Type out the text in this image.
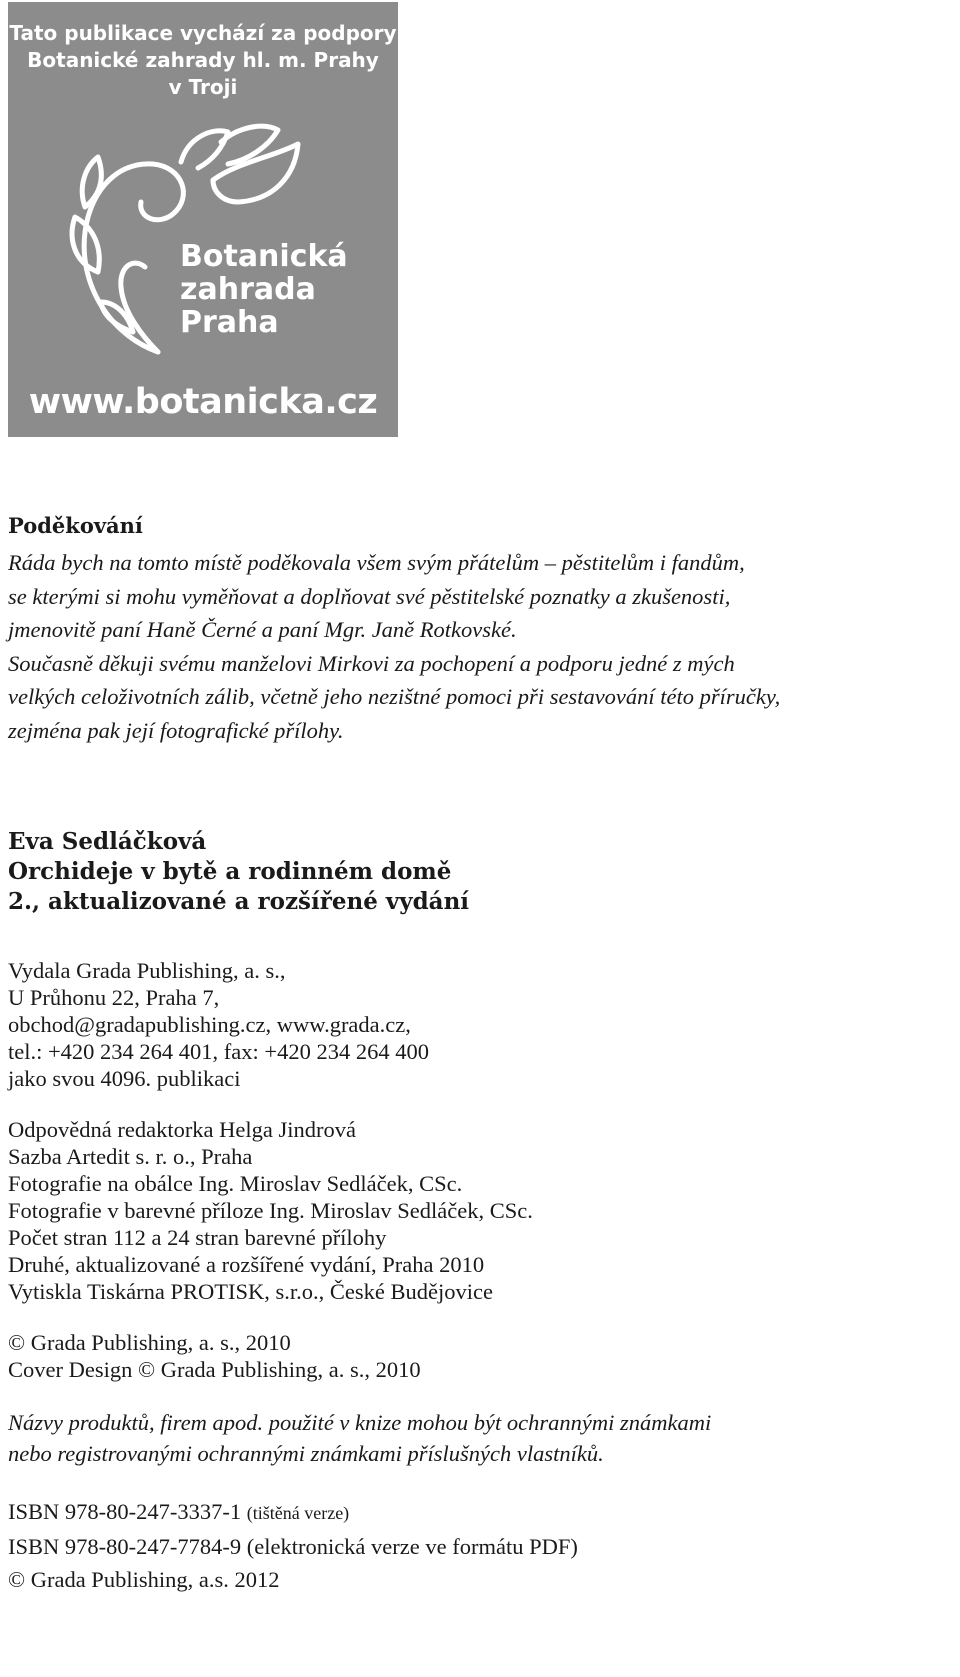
Tato publikace vychází za podpory
Botanické zahrady hl. m. Prahy
v Troji
Botanická
zahrada
Praha
www.botanicka.cz
Poděkování

Ráda bych na tomto místě poděkovala všem svým přátelům – pěstitelům i fandům,

se kterými si mohu vyměňovat a doplňovat své pěstitelské poznatky a zkušenosti,

jmenovitě paní Haně Černé a paní Mgr. Janě Rotkovské.

Současně děkuji svému manželovi Mirkovi za pochopení a podporu jedné z mých

velkých celoživotních zálib, včetně jeho nezištné pomoci při sestavování této příručky,

zejména pak její fotografické přílohy.

Eva Sedláčková
Orchideje v bytě a rodinném domě
2., aktualizované a rozšířené vydání
Vydala Grada Publishing, a. s.,
U Průhonu 22, Praha 7,
obchod@gradapublishing.cz, www.grada.cz,
tel.: +420 234 264 401, fax: +420 234 264 400
jako svou 4096. publikaci
Odpovědná redaktorka Helga Jindrová
Sazba Artedit s. r. o., Praha
Fotografie na obálce Ing. Miroslav Sedláček, CSc.
Fotografie v barevné příloze Ing. Miroslav Sedláček, CSc.
Počet stran 112 a 24 stran barevné přílohy
Druhé, aktualizované a rozšířené vydání, Praha 2010
Vytiskla Tiskárna PROTISK, s.r.o., České Budějovice
© Grada Publishing, a. s., 2010
Cover Design © Grada Publishing, a. s., 2010
Názvy produktů, firem apod. použité v knize mohou být ochrannými známkami
nebo registrovanými ochrannými známkami příslušných vlastníků.
ISBN 978-80-247-3337-1 (tištěná verze)
ISBN 978-80-247-7784-9 (elektronická verze ve formátu PDF)
© Grada Publishing, a.s. 2012
